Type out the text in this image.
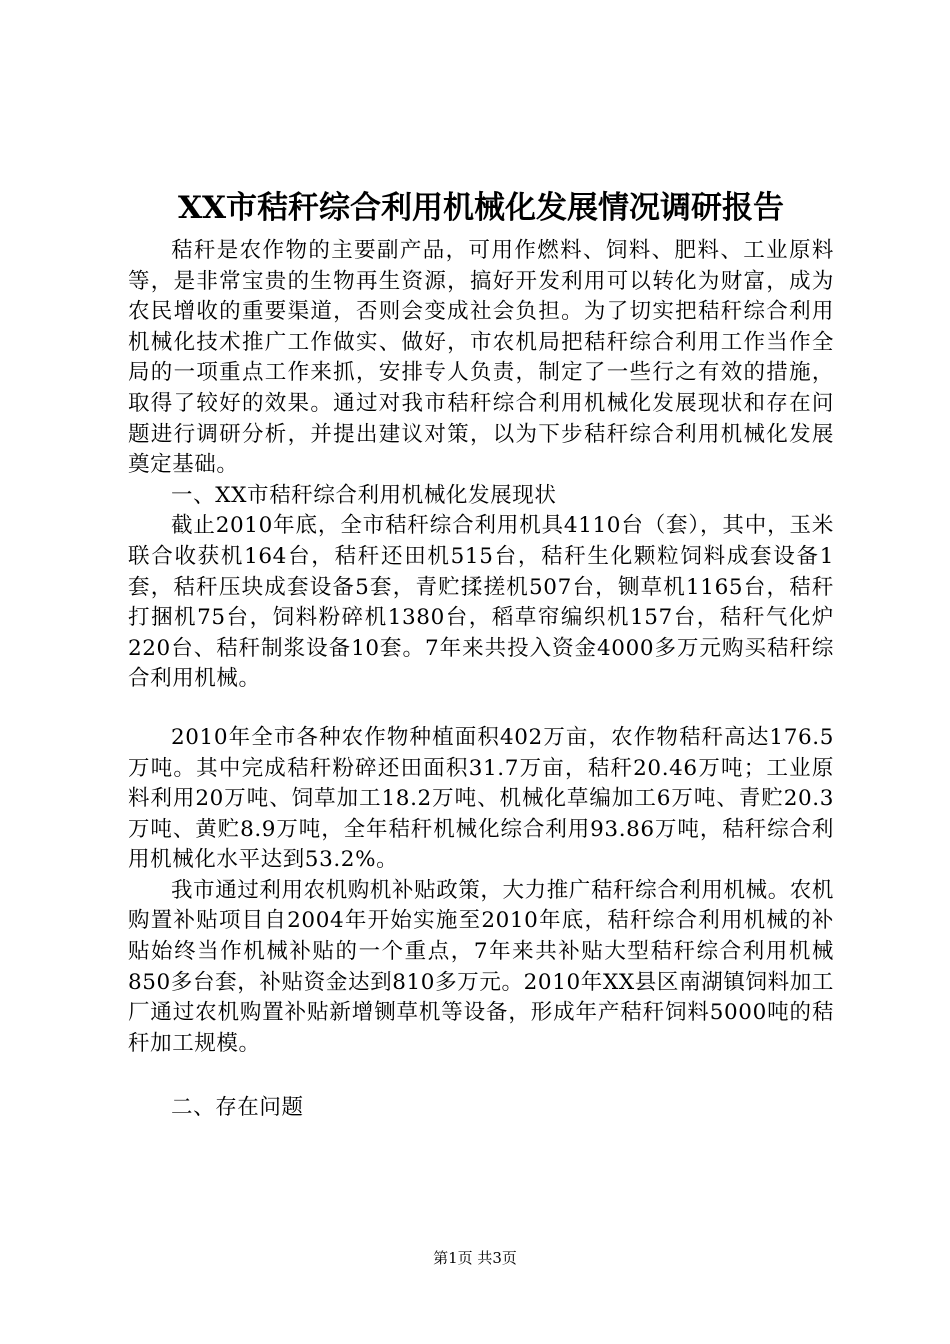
XX市秸秆综合利用机械化发展情况调研报告

秸秆是农作物的主要副产品，可用作燃料、饲料、肥料、工业原料等，是非常宝贵的生物再生资源，搞好开发利用可以转化为财富，成为农民增收的重要渠道，否则会变成社会负担。为了切实把秸秆综合利用机械化技术推广工作做实、做好，市农机局把秸秆综合利用工作当作全局的一项重点工作来抓，安排专人负责，制定了一些行之有效的措施，取得了较好的效果。通过对我市秸秆综合利用机械化发展现状和存在问题进行调研分析，并提出建议对策，以为下步秸秆综合利用机械化发展奠定基础。

一、XX市秸秆综合利用机械化发展现状

截止2010年底，全市秸秆综合利用机具4110台（套），其中，玉米联合收获机164台，秸秆还田机515台，秸秆生化颗粒饲料成套设备1套，秸秆压块成套设备5套，青贮揉搓机507台，铡草机1165台，秸秆打捆机75台，饲料粉碎机1380台，稻草帘编织机157台，秸秆气化炉220台、秸秆制浆设备10套。7年来共投入资金4000多万元购买秸秆综合利用机械。

2010年全市各种农作物种植面积402万亩，农作物秸秆高达176.5万吨。其中完成秸秆粉碎还田面积31.7万亩，秸秆20.46万吨；工业原料利用20万吨、饲草加工18.2万吨、机械化草编加工6万吨、青贮20.3万吨、黄贮8.9万吨，全年秸秆机械化综合利用93.86万吨，秸秆综合利用机械化水平达到53.2%。

我市通过利用农机购机补贴政策，大力推广秸秆综合利用机械。农机购置补贴项目自2004年开始实施至2010年底，秸秆综合利用机械的补贴始终当作机械补贴的一个重点，7年来共补贴大型秸秆综合利用机械850多台套，补贴资金达到810多万元。2010年XX县区南湖镇饲料加工厂通过农机购置补贴新增铡草机等设备，形成年产秸秆饲料5000吨的秸秆加工规模。

二、存在问题

第1页 共3页
